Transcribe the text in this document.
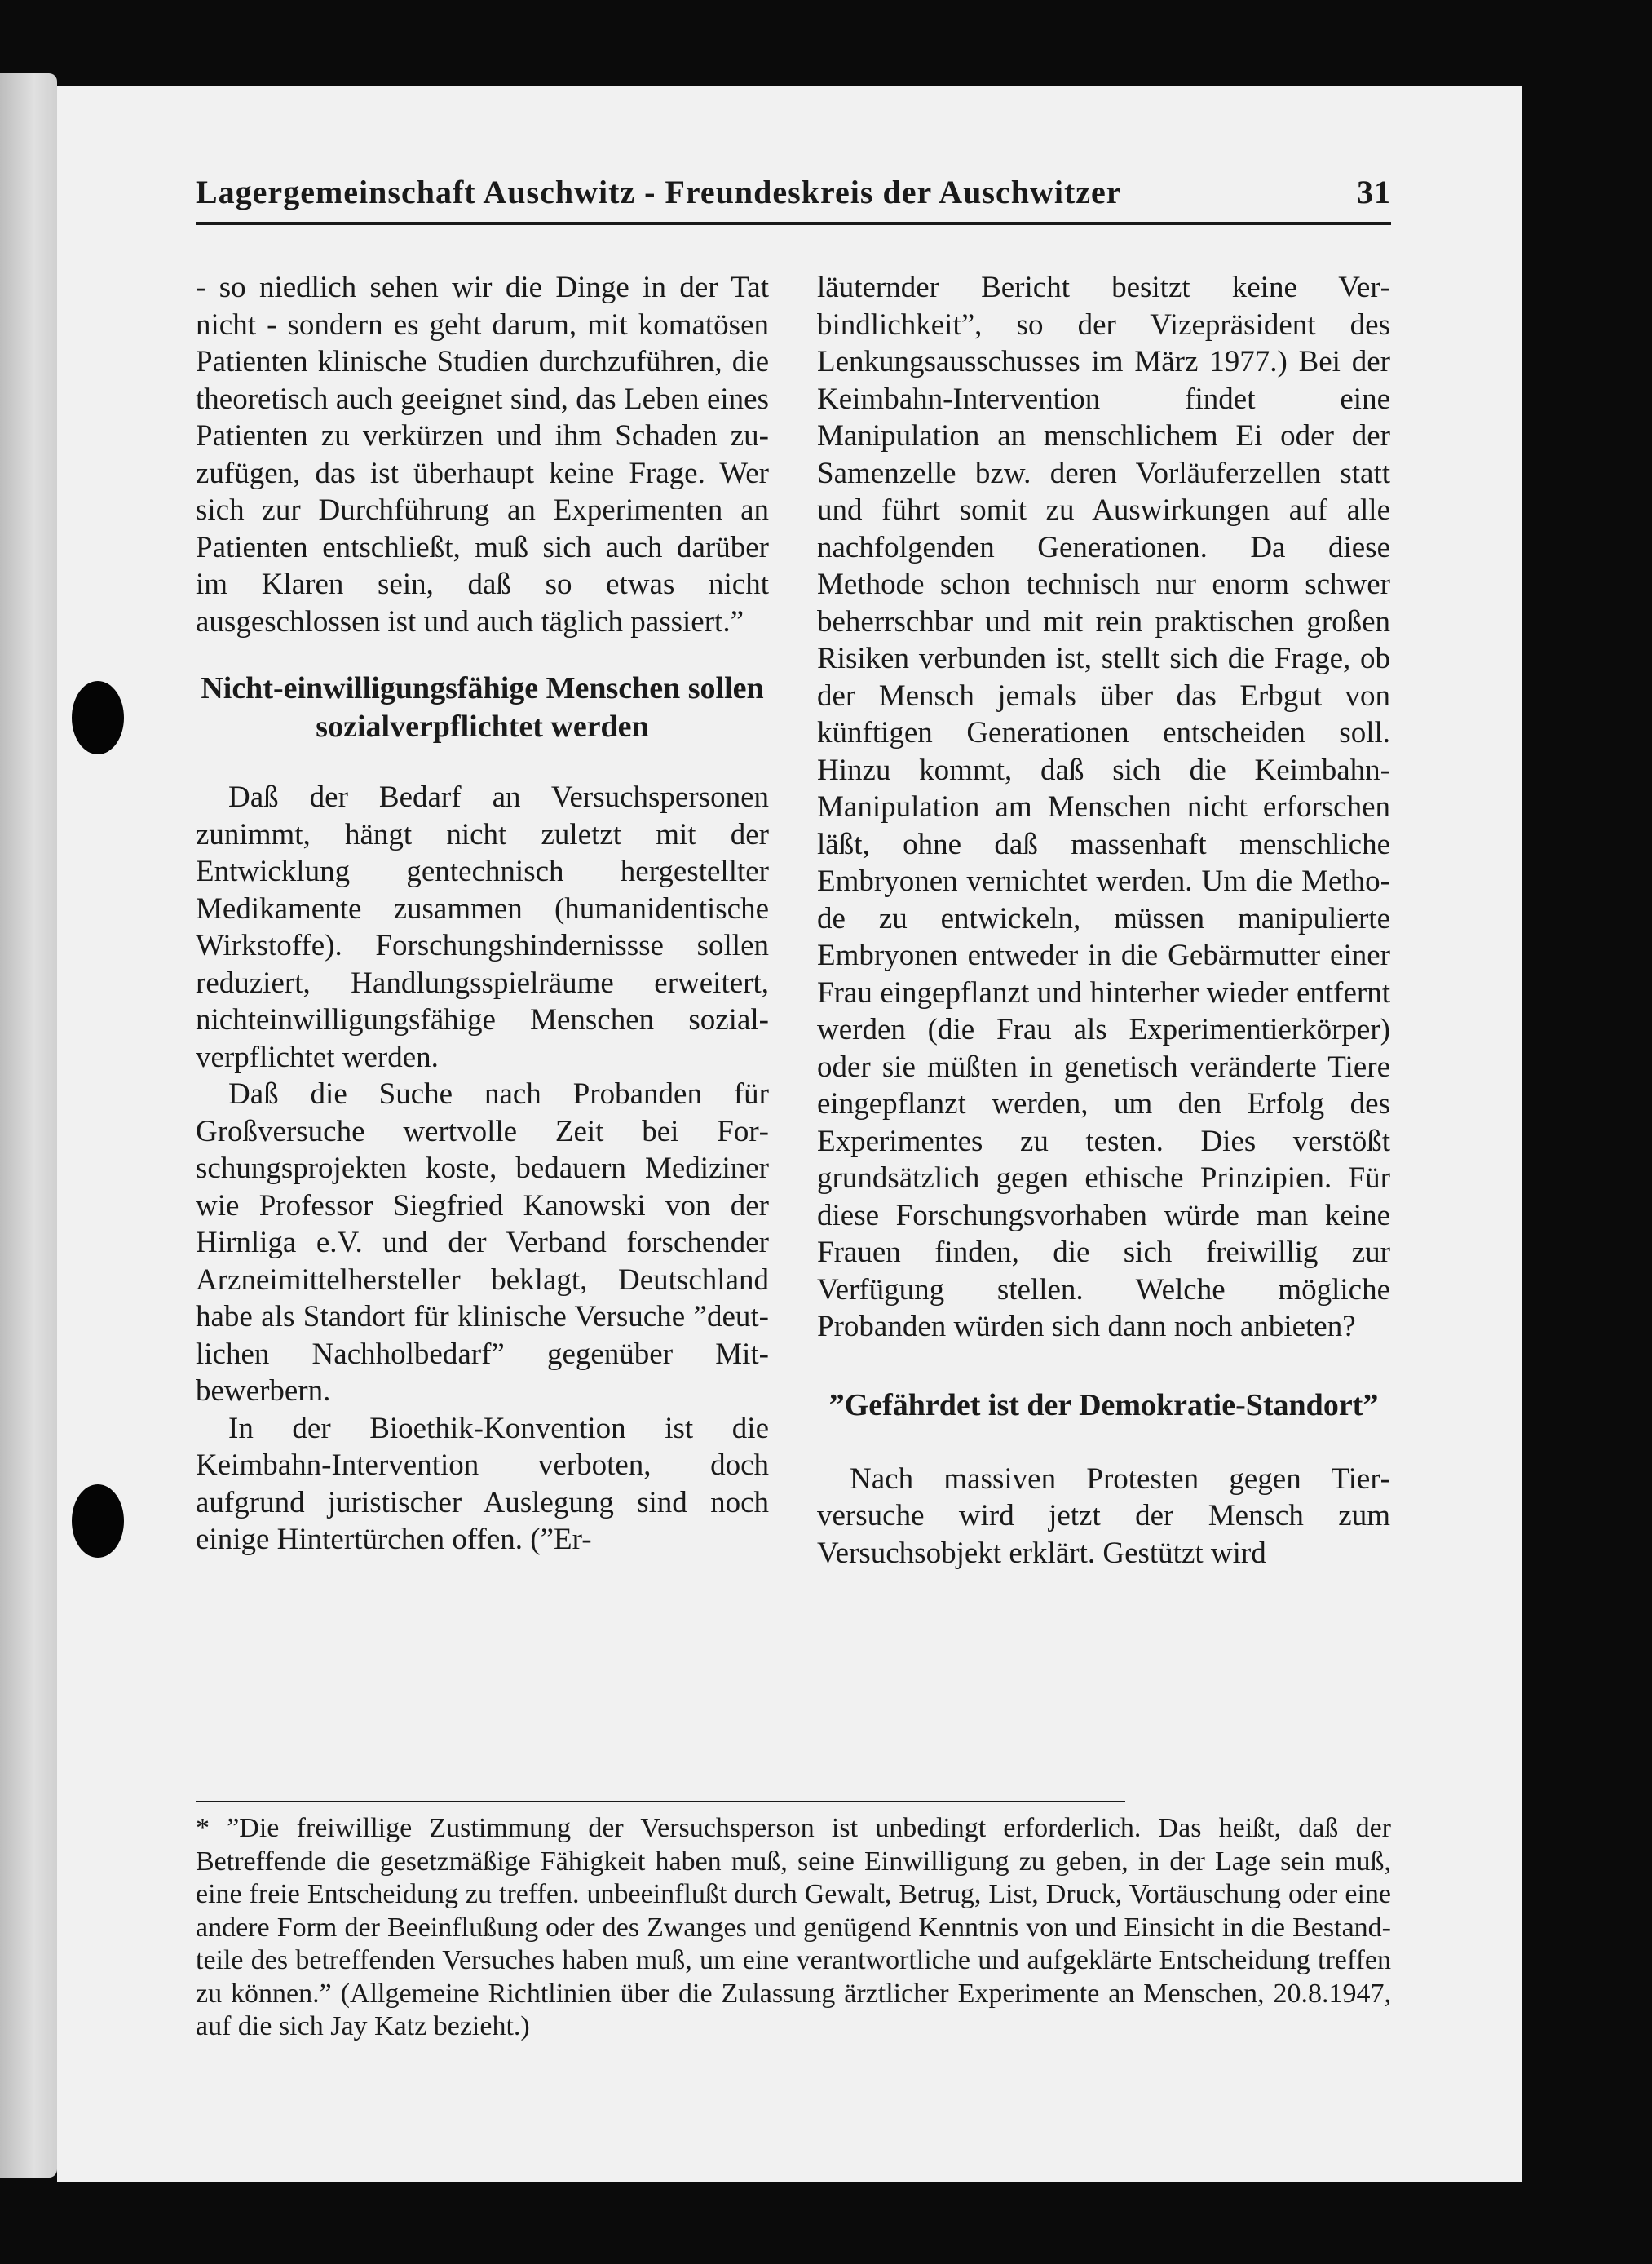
Lagergemeinschaft Auschwitz - Freundeskreis der Auschwitzer	31

- so niedlich sehen wir die Dinge in der Tat nicht - sondern es geht darum, mit komatösen Patienten klinische Studien durchzuführen, die theoretisch auch geeignet sind, das Leben eines Patienten zu verkürzen und ihm Schaden zuzufügen, das ist überhaupt keine Frage. Wer sich zur Durchführung an Experimenten an Patienten entschließt, muß sich auch darüber im Klaren sein, daß so etwas nicht ausgeschlossen ist und auch täglich passiert.”

Nicht-einwilligungsfähige Menschen sollen sozialverpflichtet werden

Daß der Bedarf an Versuchspersonen zunimmt, hängt nicht zuletzt mit der Entwicklung gentechnisch hergestellter Medikamente zusammen (humanidentische Wirkstoffe). Forschungshindernissse sollen reduziert, Handlungsspielräume erweitert, nichteinwilligungsfähige Menschen sozialverpflichtet werden.

Daß die Suche nach Probanden für Großversuche wertvolle Zeit bei Forschungsprojekten koste, bedauern Mediziner wie Professor Siegfried Kanowski von der Hirnliga e.V. und der Verband forschender Arzneimittelhersteller beklagt, Deutschland habe als Standort für klinische Versuche ”deutlichen Nachholbedarf” gegenüber Mitbewerbern.

In der Bioethik-Konvention ist die Keimbahn-Intervention verboten, doch aufgrund juristischer Auslegung sind noch einige Hintertürchen offen. (”Er-

läuternder Bericht besitzt keine Verbindlichkeit”, so der Vizepräsident des Lenkungsausschusses im März 1977.) Bei der Keimbahn-Intervention findet eine Manipulation an menschlichem Ei oder der Samenzelle bzw. deren Vorläuferzellen statt und führt somit zu Auswirkungen auf alle nachfolgenden Generationen. Da diese Methode schon technisch nur enorm schwer beherrschbar und mit rein praktischen großen Risiken verbunden ist, stellt sich die Frage, ob der Mensch jemals über das Erbgut von künftigen Generationen entscheiden soll. Hinzu kommt, daß sich die Keimbahn-Manipulation am Menschen nicht erforschen läßt, ohne daß massenhaft menschliche Embryonen vernichtet werden. Um die Methode zu entwickeln, müssen manipulierte Embryonen entweder in die Gebärmutter einer Frau eingepflanzt und hinterher wieder entfernt werden (die Frau als Experimentierkörper) oder sie müßten in genetisch veränderte Tiere eingepflanzt werden, um den Erfolg des Experimentes zu testen. Dies verstößt grundsätzlich gegen ethische Prinzipien. Für diese Forschungsvorhaben würde man keine Frauen finden, die sich freiwillig zur Verfügung stellen. Welche mögliche Probanden würden sich dann noch anbieten?

”Gefährdet ist der Demokratie-Standort”

Nach massiven Protesten gegen Tierversuche wird jetzt der Mensch zum Versuchsobjekt erklärt. Gestützt wird

* ”Die freiwillige Zustimmung der Versuchsperson ist unbedingt erforderlich. Das heißt, daß der Betreffende die gesetzmäßige Fähigkeit haben muß, seine Einwilligung zu geben, in der Lage sein muß, eine freie Entscheidung zu treffen. unbeeinflußt durch Gewalt, Betrug, List, Druck, Vortäuschung oder eine andere Form der Beeinflußung oder des Zwanges und genügend Kenntnis von und Einsicht in die Bestandteile des betreffenden Versuches haben muß, um eine verantwortliche und aufgeklärte Entscheidung treffen zu können.” (Allgemeine Richtlinien über die Zulassung ärztlicher Experimente an Menschen, 20.8.1947, auf die sich Jay Katz bezieht.)
